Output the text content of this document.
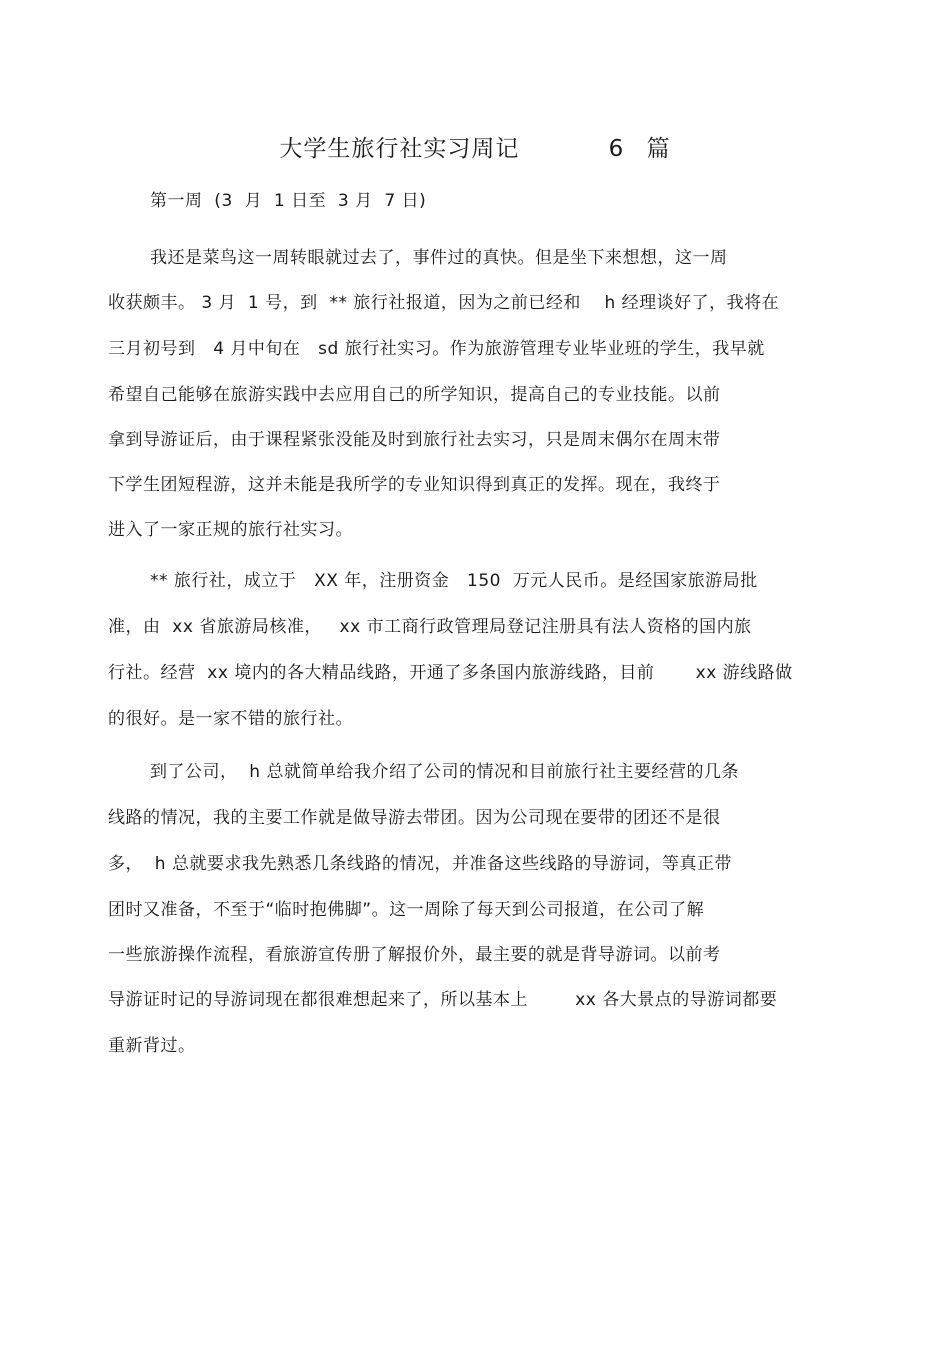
大学生旅行社实习周记    6 篇
第一周  (3  月  1 日至  3 月  7 日)
我还是菜鸟这一周转眼就过去了，事件过的真快。但是坐下来想想，这一周
收获颇丰。 3 月  1 号，到  ** 旅行社报道，因为之前已经和    h 经理谈好了，我将在
三月初号到   4 月中旬在   sd 旅行社实习。作为旅游管理专业毕业班的学生，我早就
希望自己能够在旅游实践中去应用自己的所学知识，提高自己的专业技能。以前
拿到导游证后，由于课程紧张没能及时到旅行社去实习，只是周末偶尔在周末带
下学生团短程游，这并未能是我所学的专业知识得到真正的发挥。现在，我终于
进入了一家正规的旅行社实习。
** 旅行社，成立于   XX 年，注册资金   150  万元人民币。是经国家旅游局批
准，由  xx 省旅游局核准，   xx 市工商行政管理局登记注册具有法人资格的国内旅
行社。经营  xx 境内的各大精品线路，开通了多条国内旅游线路，目前       xx 游线路做
的很好。是一家不错的旅行社。
到了公司，  h 总就简单给我介绍了公司的情况和目前旅行社主要经营的几条
线路的情况，我的主要工作就是做导游去带团。因为公司现在要带的团还不是很
多，  h 总就要求我先熟悉几条线路的情况，并准备这些线路的导游词，等真正带
团时又准备，不至于“临时抱佛脚”。这一周除了每天到公司报道，在公司了解
一些旅游操作流程，看旅游宣传册了解报价外，最主要的就是背导游词。以前考
导游证时记的导游词现在都很难想起来了，所以基本上        xx 各大景点的导游词都要
重新背过。
